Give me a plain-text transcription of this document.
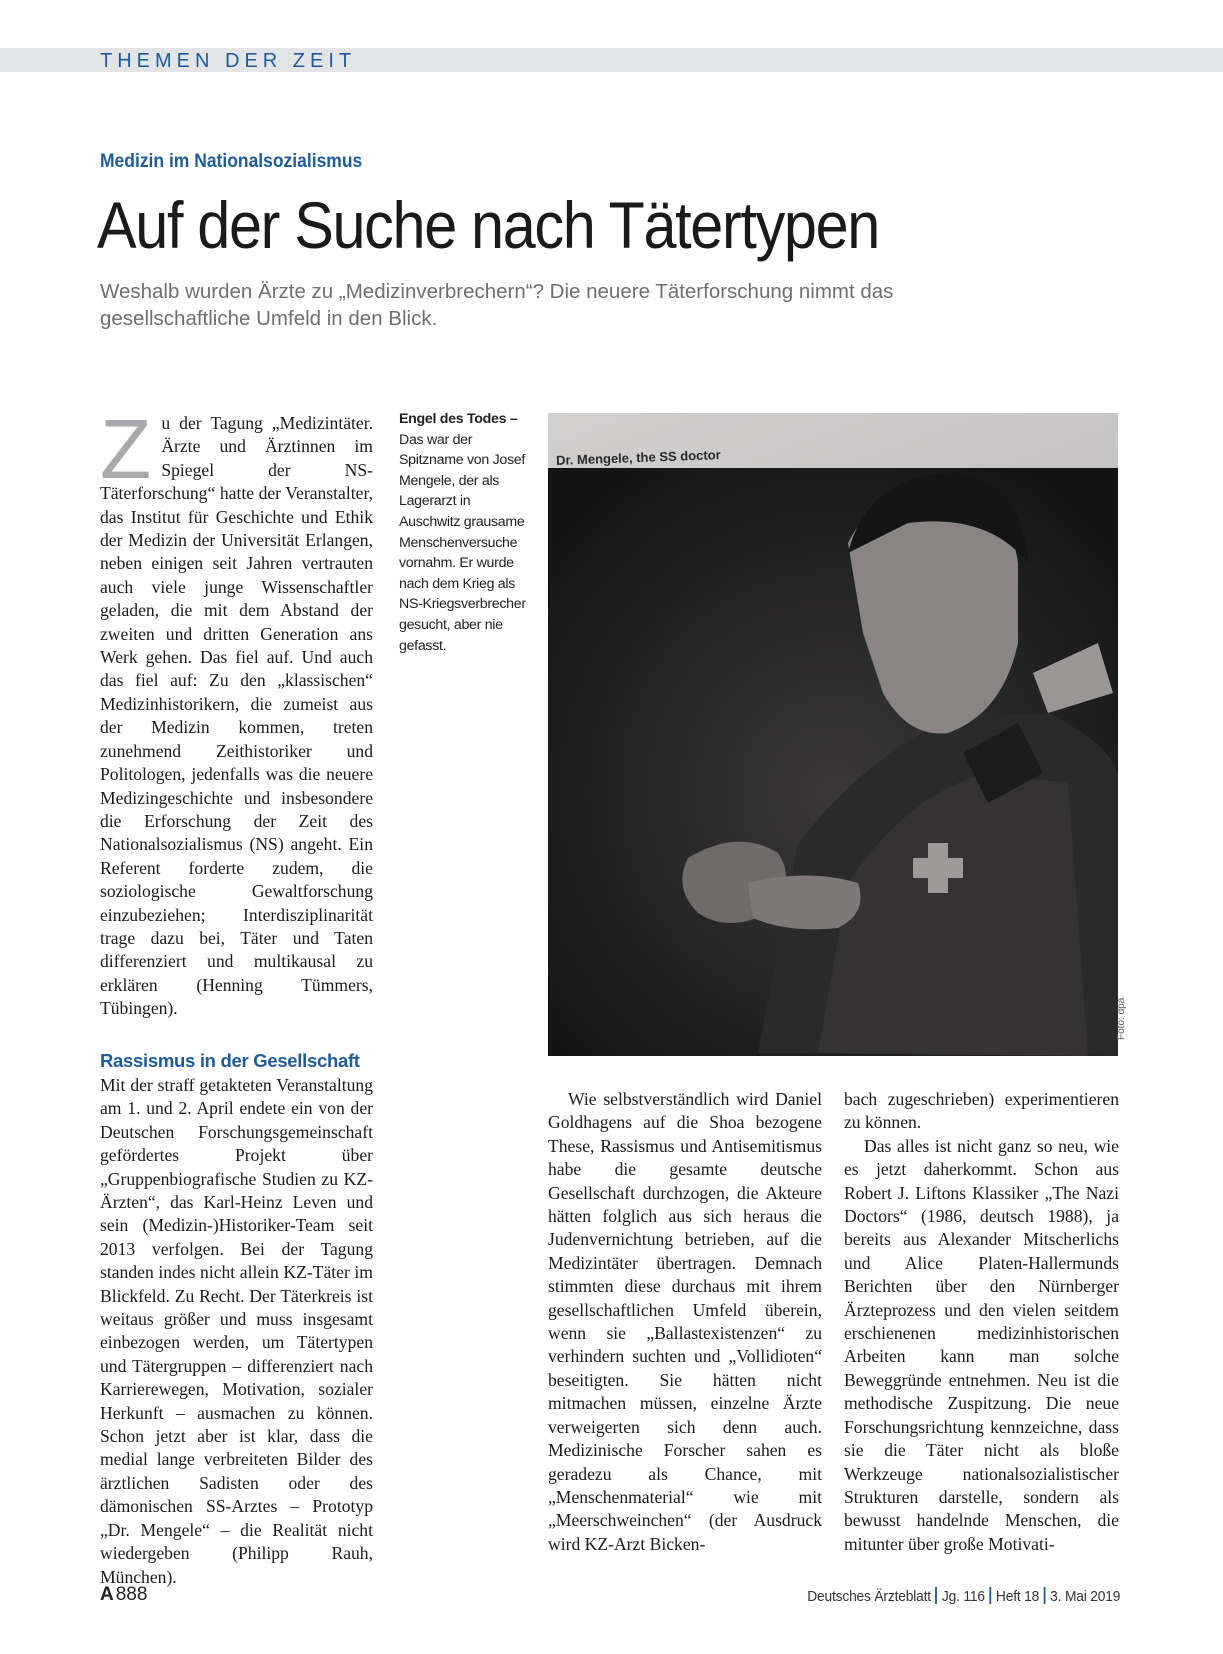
THEMEN DER ZEIT
Medizin im Nationalsozialismus
Auf der Suche nach Tätertypen
Weshalb wurden Ärzte zu „Medizinverbrechern“? Die neuere Täterforschung nimmt das gesellschaftliche Umfeld in den Blick.

Zu der Tagung „Medizintäter. Ärzte und Ärztinnen im Spiegel der NS-Täterforschung“ hatte der Veranstalter, das Institut für Geschichte und Ethik der Medizin der Universität Erlangen, neben einigen seit Jahren vertrauten auch viele junge Wissenschaftler geladen, die mit dem Abstand der zweiten und dritten Generation ans Werk gehen. Das fiel auf. Und auch das fiel auf: Zu den „klassischen“ Medizinhistorikern, die zumeist aus der Medizin kommen, treten zunehmend Zeithistoriker und Politologen, jedenfalls was die neuere Medizingeschichte und insbesondere die Erforschung der Zeit des Nationalsozialismus (NS) angeht. Ein Referent forderte zudem, die soziologische Gewaltforschung einzubeziehen; Interdisziplinarität trage dazu bei, Täter und Taten differenziert und multikausal zu erklären (Henning Tümmers, Tübingen).

Rassismus in der Gesellschaft

Mit der straff getakteten Veranstaltung am 1. und 2. April endete ein von der Deutschen Forschungsgemeinschaft gefördertes Projekt über „Gruppenbiografische Studien zu KZ-Ärzten“, das Karl-Heinz Leven und sein (Medizin-)Historiker-Team seit 2013 verfolgen. Bei der Tagung standen indes nicht allein KZ-Täter im Blickfeld. Zu Recht. Der Täterkreis ist weitaus größer und muss insgesamt einbezogen werden, um Tätertypen und Tätergruppen – differenziert nach Karrierewegen, Motivation, sozialer Herkunft – ausmachen zu können. Schon jetzt aber ist klar, dass die medial lange verbreiteten Bilder des ärztlichen Sadisten oder des dämonischen SS-Arztes – Prototyp „Dr. Mengele“ – die Realität nicht wiedergeben (Philipp Rauh, München).

Engel des Todes – Das war der Spitzname von Josef Mengele, der als Lagerarzt in Auschwitz grausame Menschenversuche vornahm. Er wurde nach dem Krieg als NS-Kriegsverbrecher gesucht, aber nie gefasst.
Dr. Mengele, the SS doctor
Foto: dpa

Wie selbstverständlich wird Daniel Goldhagens auf die Shoa bezogene These, Rassismus und Antisemitismus habe die gesamte deutsche Gesellschaft durchzogen, die Akteure hätten folglich aus sich heraus die Judenvernichtung betrieben, auf die Medizintäter übertragen. Demnach stimmten diese durchaus mit ihrem gesellschaftlichen Umfeld überein, wenn sie „Ballastexistenzen“ zu verhindern suchten und „Vollidioten“ beseitigten. Sie hätten nicht mitmachen müssen, einzelne Ärzte verweigerten sich denn auch. Medizinische Forscher sahen es geradezu als Chance, mit „Menschenmaterial“ wie mit „Meerschweinchen“ (der Ausdruck wird KZ-Arzt Bicken-

bach zugeschrieben) experimentieren zu können.

Das alles ist nicht ganz so neu, wie es jetzt daherkommt. Schon aus Robert J. Liftons Klassiker „The Nazi Doctors“ (1986, deutsch 1988), ja bereits aus Alexander Mitscherlichs und Alice Platen-Hallermunds Berichten über den Nürnberger Ärzteprozess und den vielen seitdem erschienenen medizinhistorischen Arbeiten kann man solche Beweggründe entnehmen. Neu ist die methodische Zuspitzung. Die neue Forschungsrichtung kennzeichne, dass sie die Täter nicht als bloße Werkzeuge nationalsozialistischer Strukturen darstelle, sondern als bewusst handelnde Menschen, die mitunter über große Motivati-

A 888	Deutsches Ärzteblatt Jg. 116 Heft 18 3. Mai 2019
